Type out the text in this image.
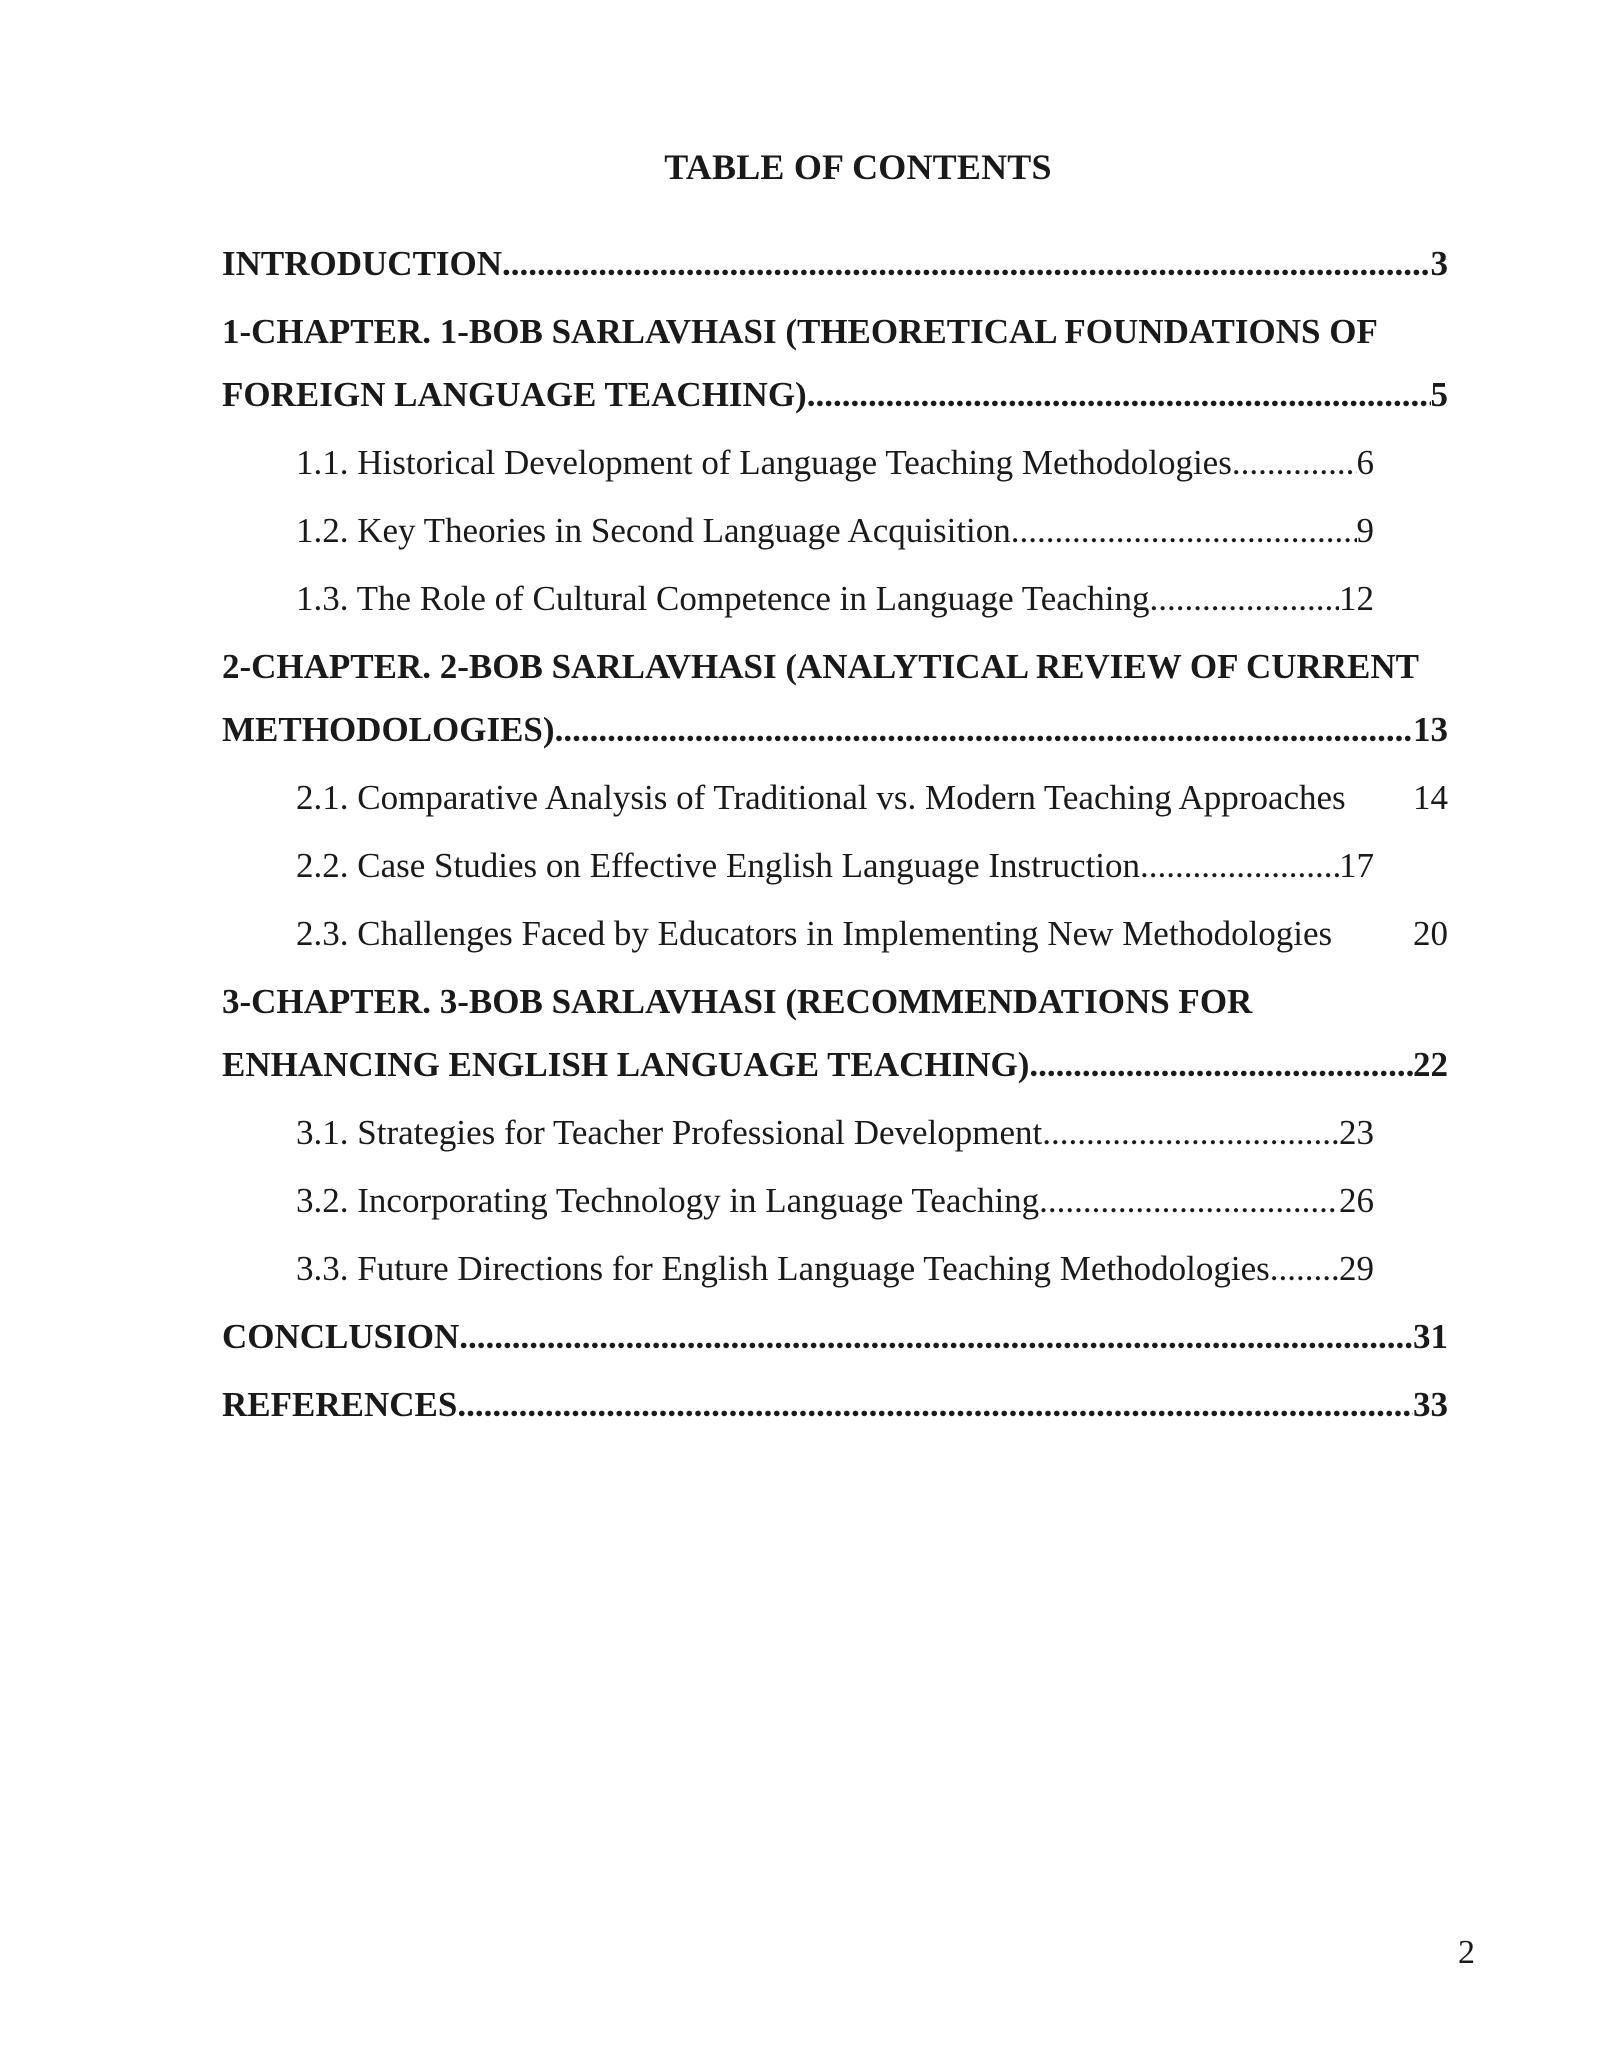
TABLE OF CONTENTS
INTRODUCTION .....	3
1-CHAPTER. 1-BOB SARLAVHASI (THEORETICAL FOUNDATIONS OF
FOREIGN LANGUAGE TEACHING) .....	5
1.1. Historical Development of Language Teaching Methodologies .....	6
1.2. Key Theories in Second Language Acquisition .....	9
1.3. The Role of Cultural Competence in Language Teaching .....	12
2-CHAPTER. 2-BOB SARLAVHASI (ANALYTICAL REVIEW OF CURRENT
METHODOLOGIES) .....	13
2.1. Comparative Analysis of Traditional vs. Modern Teaching Approaches 14
2.2. Case Studies on Effective English Language Instruction .....	17
2.3. Challenges Faced by Educators in Implementing New Methodologies 20
3-CHAPTER. 3-BOB SARLAVHASI (RECOMMENDATIONS FOR
ENHANCING ENGLISH LANGUAGE TEACHING) .....	22
3.1. Strategies for Teacher Professional Development .....	23
3.2. Incorporating Technology in Language Teaching .....	26
3.3. Future Directions for English Language Teaching Methodologies ..... 29
CONCLUSION .....	31
REFERENCES .....	33
2
